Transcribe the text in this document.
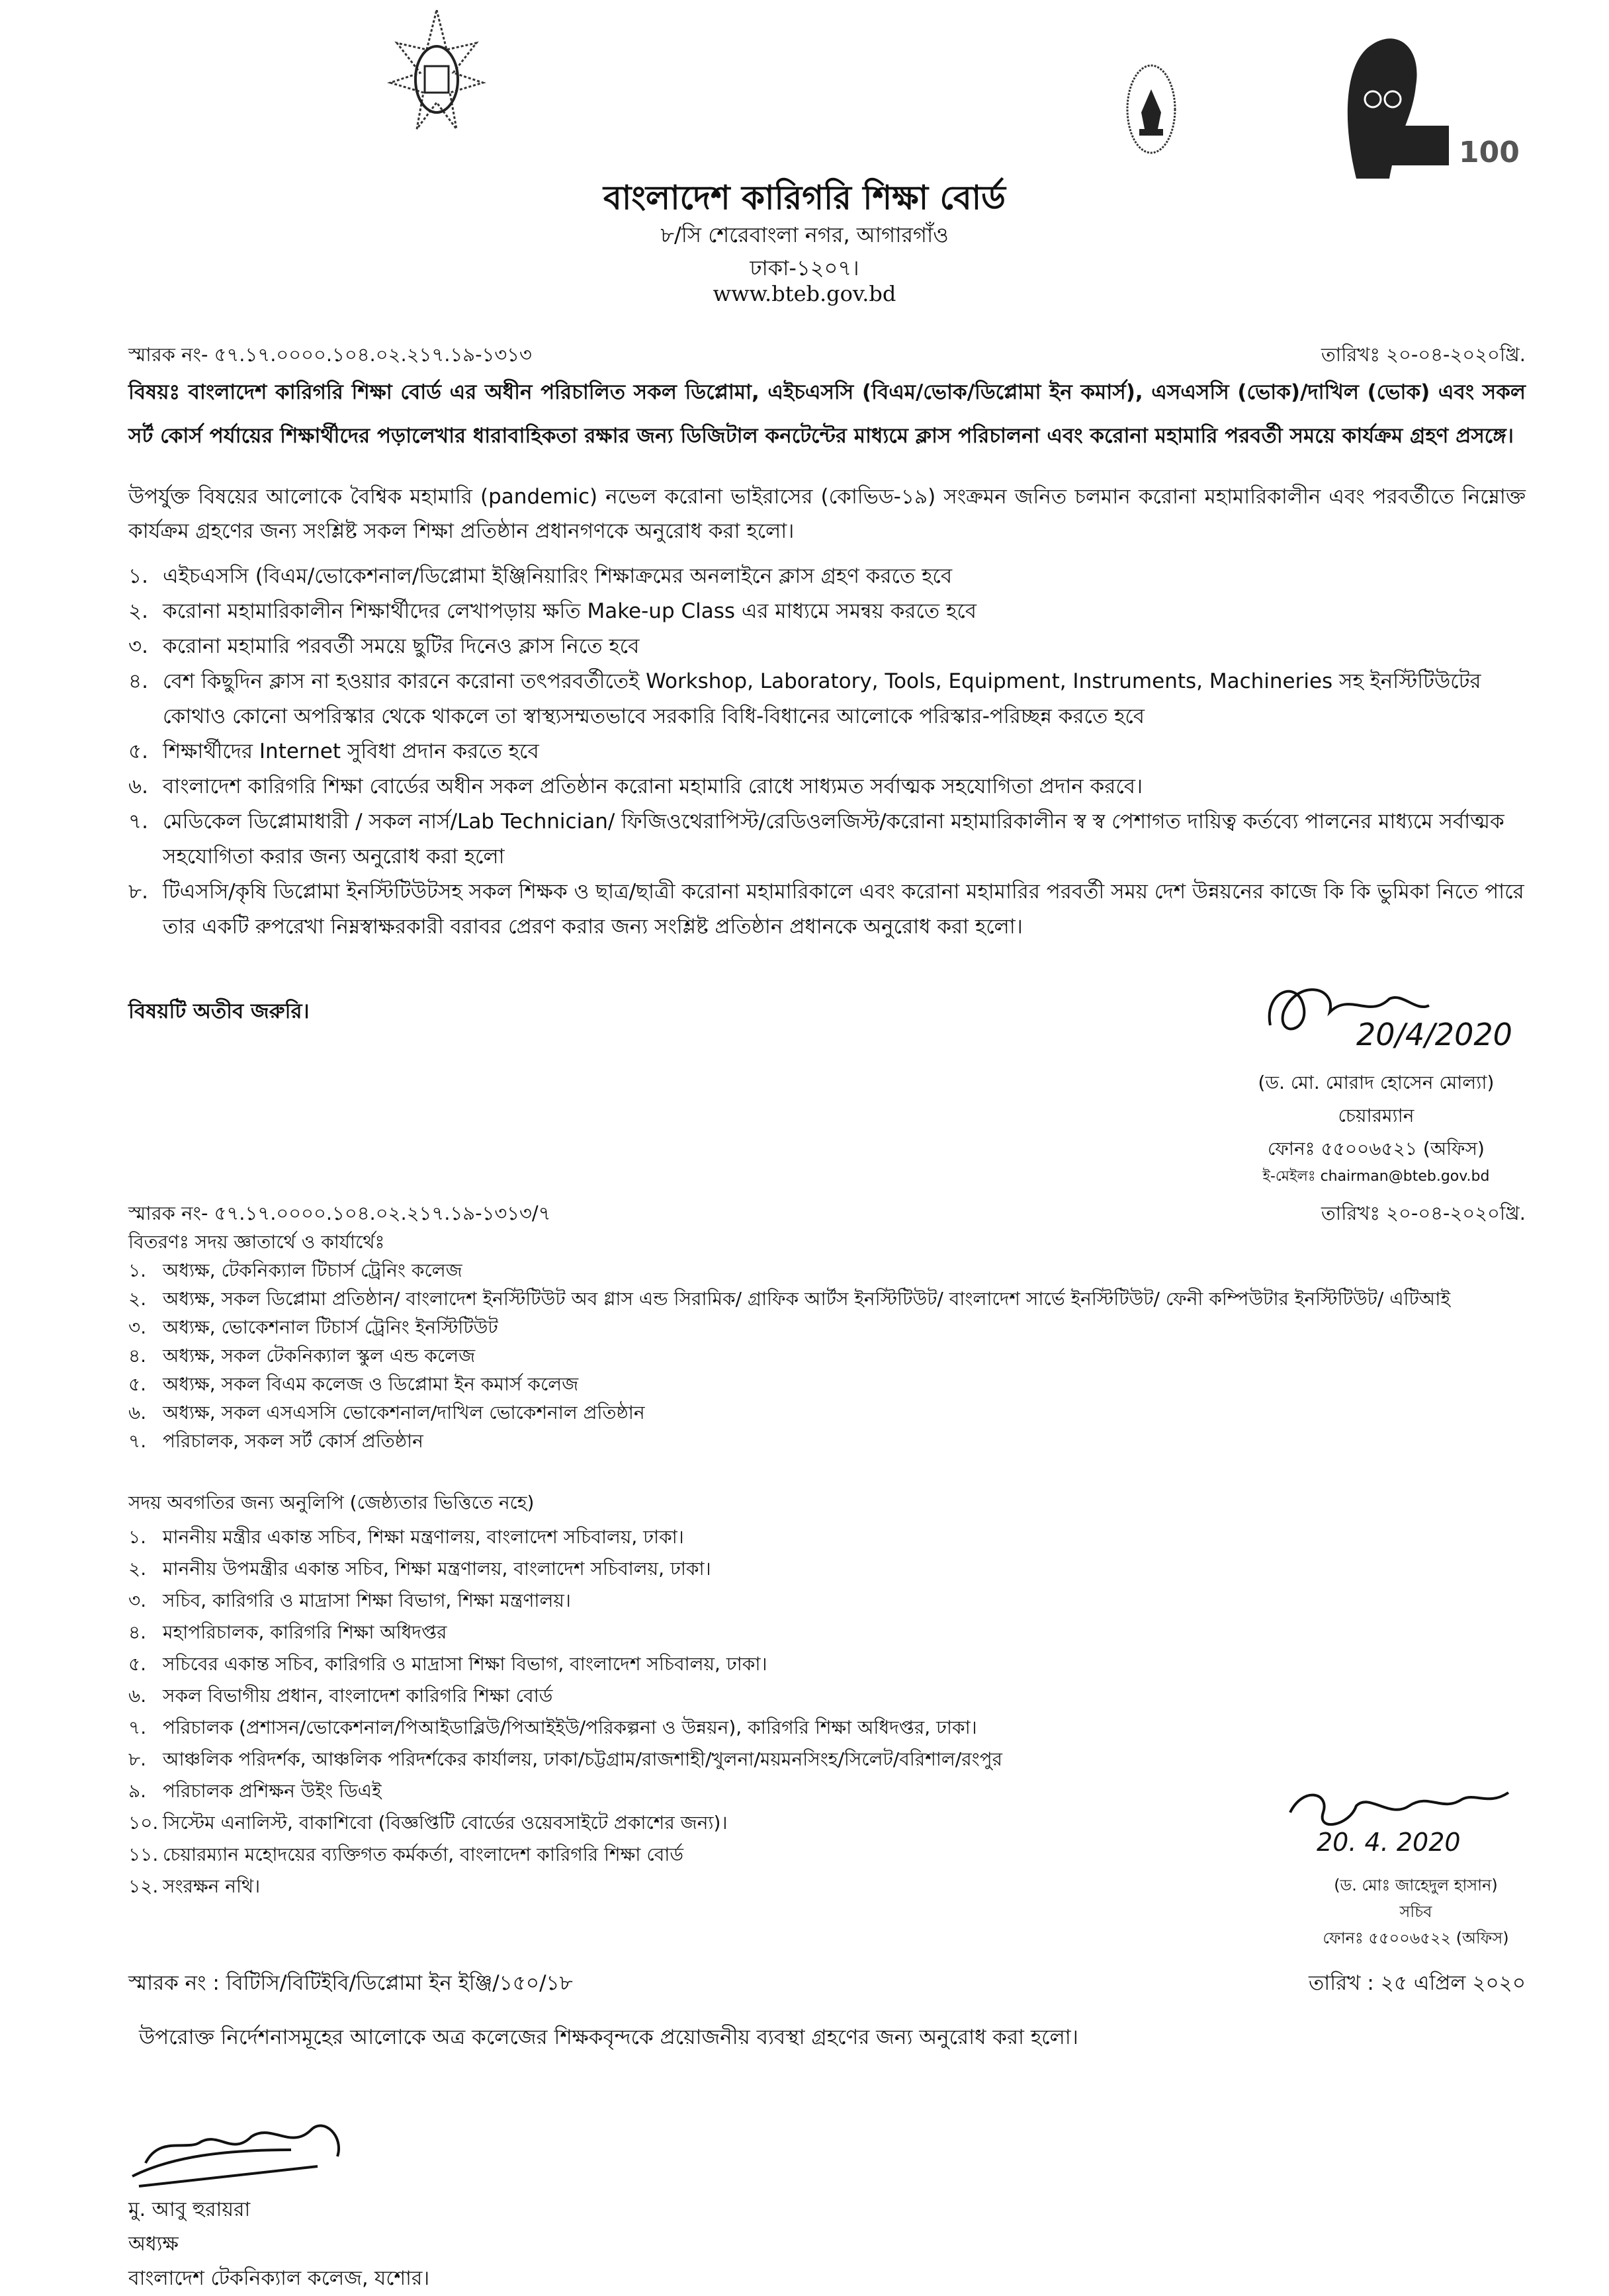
100
বাংলাদেশ কারিগরি শিক্ষা বোর্ড
৮/সি শেরেবাংলা নগর, আগারগাঁও
ঢাকা-১২০৭।
www.bteb.gov.bd
স্মারক নং- ৫৭.১৭.০০০০.১০৪.০২.২১৭.১৯-১৩১৩	তারিখঃ ২০-০৪-২০২০খ্রি.
বিষয়ঃ বাংলাদেশ কারিগরি শিক্ষা বোর্ড এর অধীন পরিচালিত সকল ডিপ্লোমা, এইচএসসি (বিএম/ভোক/ডিপ্লোমা ইন কমার্স), এসএসসি (ভোক)/দাখিল (ভোক) এবং সকল সর্ট কোর্স পর্যায়ের শিক্ষার্থীদের পড়ালেখার ধারাবাহিকতা রক্ষার জন্য ডিজিটাল কনটেন্টের মাধ্যমে ক্লাস পরিচালনা এবং করোনা মহামারি পরবর্তী সময়ে কার্যক্রম গ্রহণ প্রসঙ্গে।
উপর্যুক্ত বিষয়ের আলোকে বৈশ্বিক মহামারি (pandemic) নভেল করোনা ভাইরাসের (কোভিড-১৯) সংক্রমন জনিত চলমান করোনা মহামারিকালীন এবং পরবর্তীতে নিম্নোক্ত কার্যক্রম গ্রহণের জন্য সংশ্লিষ্ট সকল শিক্ষা প্রতিষ্ঠান প্রধানগণকে অনুরোধ করা হলো।
১. এইচএসসি (বিএম/ভোকেশনাল/ডিপ্লোমা ইঞ্জিনিয়ারিং শিক্ষাক্রমের অনলাইনে ক্লাস গ্রহণ করতে হবে
২. করোনা মহামারিকালীন শিক্ষার্থীদের লেখাপড়ায় ক্ষতি Make-up Class এর মাধ্যমে সমন্বয় করতে হবে
৩. করোনা মহামারি পরবর্তী সময়ে ছুটির দিনেও ক্লাস নিতে হবে
৪. বেশ কিছুদিন ক্লাস না হওয়ার কারনে করোনা তৎপরবর্তীতেই Workshop, Laboratory, Tools, Equipment, Instruments, Machineries সহ ইনস্টিটিউটের কোথাও কোনো অপরিস্কার থেকে থাকলে তা স্বাস্থ্যসম্মতভাবে সরকারি বিধি-বিধানের আলোকে পরিস্কার-পরিচ্ছন্ন করতে হবে
৫. শিক্ষার্থীদের Internet সুবিধা প্রদান করতে হবে
৬. বাংলাদেশ কারিগরি শিক্ষা বোর্ডের অধীন সকল প্রতিষ্ঠান করোনা মহামারি রোধে সাধ্যমত সর্বাত্মক সহযোগিতা প্রদান করবে।
৭. মেডিকেল ডিপ্লোমাধারী / সকল নার্স/Lab Technician/ ফিজিওথেরাপিস্ট/রেডিওলজিস্ট/করোনা মহামারিকালীন স্ব স্ব পেশাগত দায়িত্ব কর্তব্যে পালনের মাধ্যমে সর্বাত্মক সহযোগিতা করার জন্য অনুরোধ করা হলো
৮. টিএসসি/কৃষি ডিপ্লোমা ইনস্টিটিউটসহ সকল শিক্ষক ও ছাত্র/ছাত্রী করোনা মহামারিকালে এবং করোনা মহামারির পরবর্তী সময় দেশ উন্নয়নের কাজে কি কি ভুমিকা নিতে পারে তার একটি রুপরেখা নিম্নস্বাক্ষরকারী বরাবর প্রেরণ করার জন্য সংশ্লিষ্ট প্রতিষ্ঠান প্রধানকে অনুরোধ করা হলো।
বিষয়টি অতীব জরুরি।
20/4/2020
(ড. মো. মোরাদ হোসেন মোল্যা)
চেয়ারম্যান
ফোনঃ ৫৫০০৬৫২১ (অফিস)
ই-মেইলঃ chairman@bteb.gov.bd
স্মারক নং- ৫৭.১৭.০০০০.১০৪.০২.২১৭.১৯-১৩১৩/৭	তারিখঃ ২০-০৪-২০২০খ্রি.
বিতরণঃ সদয় জ্ঞাতার্থে ও কার্যার্থেঃ
১. অধ্যক্ষ, টেকনিক্যাল টিচার্স ট্রেনিং কলেজ
২. অধ্যক্ষ, সকল ডিপ্লোমা প্রতিষ্ঠান/ বাংলাদেশ ইনস্টিটিউট অব গ্লাস এন্ড সিরামিক/ গ্রাফিক আর্টস ইনস্টিটিউট/ বাংলাদেশ সার্ভে ইনস্টিটিউট/ ফেনী কম্পিউটার ইনস্টিটিউট/ এটিআই
৩. অধ্যক্ষ, ভোকেশনাল টিচার্স ট্রেনিং ইনস্টিটিউট
৪. অধ্যক্ষ, সকল টেকনিক্যাল স্কুল এন্ড কলেজ
৫. অধ্যক্ষ, সকল বিএম কলেজ ও ডিপ্লোমা ইন কমার্স কলেজ
৬. অধ্যক্ষ, সকল এসএসসি ভোকেশনাল/দাখিল ভোকেশনাল প্রতিষ্ঠান
৭. পরিচালক, সকল সর্ট কোর্স প্রতিষ্ঠান
সদয় অবগতির জন্য অনুলিপি (জেষ্ঠ্যতার ভিত্তিতে নহে)
১. মাননীয় মন্ত্রীর একান্ত সচিব, শিক্ষা মন্ত্রণালয়, বাংলাদেশ সচিবালয়, ঢাকা।
২. মাননীয় উপমন্ত্রীর একান্ত সচিব, শিক্ষা মন্ত্রণালয়, বাংলাদেশ সচিবালয়, ঢাকা।
৩. সচিব, কারিগরি ও মাদ্রাসা শিক্ষা বিভাগ, শিক্ষা মন্ত্রণালয়।
৪. মহাপরিচালক, কারিগরি শিক্ষা অধিদপ্তর
৫. সচিবের একান্ত সচিব, কারিগরি ও মাদ্রাসা শিক্ষা বিভাগ, বাংলাদেশ সচিবালয়, ঢাকা।
৬. সকল বিভাগীয় প্রধান, বাংলাদেশ কারিগরি শিক্ষা বোর্ড
৭. পরিচালক (প্রশাসন/ভোকেশনাল/পিআইডাব্লিউ/পিআইইউ/পরিকল্পনা ও উন্নয়ন), কারিগরি শিক্ষা অধিদপ্তর, ঢাকা।
৮. আঞ্চলিক পরিদর্শক, আঞ্চলিক পরিদর্শকের কার্যালয়, ঢাকা/চট্টগ্রাম/রাজশাহী/খুলনা/ময়মনসিংহ/সিলেট/বরিশাল/রংপুর
৯. পরিচালক প্রশিক্ষন উইং ডিএই
১০. সিস্টেম এনালিস্ট, বাকাশিবো (বিজ্ঞপ্তিটি বোর্ডের ওয়েবসাইটে প্রকাশের জন্য)।
১১. চেয়ারম্যান মহোদয়ের ব্যক্তিগত কর্মকর্তা, বাংলাদেশ কারিগরি শিক্ষা বোর্ড
১২. সংরক্ষন নথি।
20. 4. 2020
(ড. মোঃ জাহেদুল হাসান)
সচিব
ফোনঃ ৫৫০০৬৫২২ (অফিস)
স্মারক নং : বিটিসি/বিটিইবি/ডিপ্লোমা ইন ইঞ্জি/১৫০/১৮	তারিখ : ২৫ এপ্রিল ২০২০
উপরোক্ত নির্দেশনাসমূহের আলোকে অত্র কলেজের শিক্ষকবৃন্দকে প্রয়োজনীয় ব্যবস্থা গ্রহণের জন্য অনুরোধ করা হলো।
মু. আবু হুরায়রা
অধ্যক্ষ
বাংলাদেশ টেকনিক্যাল কলেজ, যশোর।
